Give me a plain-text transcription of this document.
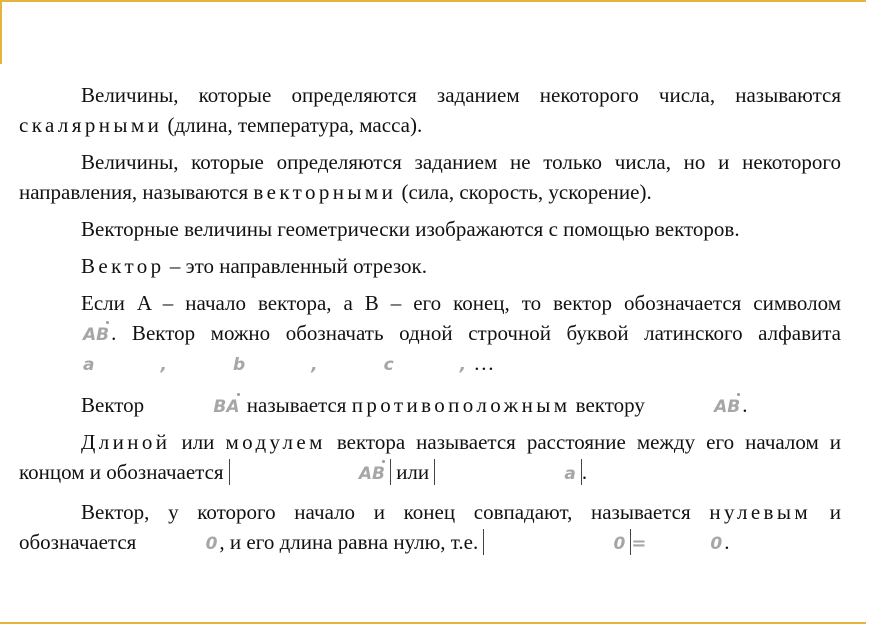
Величины, которые определяются заданием некоторого числа, называются скалярными (длина, температура, масса).

Величины, которые определяются заданием не только числа, но и некоторого направления, называются векторными (сила, скорость, ускорение).

Векторные величины геометрически изображаются с помощью векторов.

Вектор – это направленный отрезок.

Если A – начало вектора, а B – его конец, то вектор обозначается символом AB. Вектор можно обозначать одной строчной буквой латинского алфавита a	,	b	,	c	, …

Вектор	BA называется противоположным вектору	AB.

Длиной или модулем вектора называется расстояние между его началом и концом и обозначается	AB или	a .

Вектор, у которого начало и конец совпадают, называется нулевым и обозначается	0, и его длина равна нулю, т.е.	0 =	0.
